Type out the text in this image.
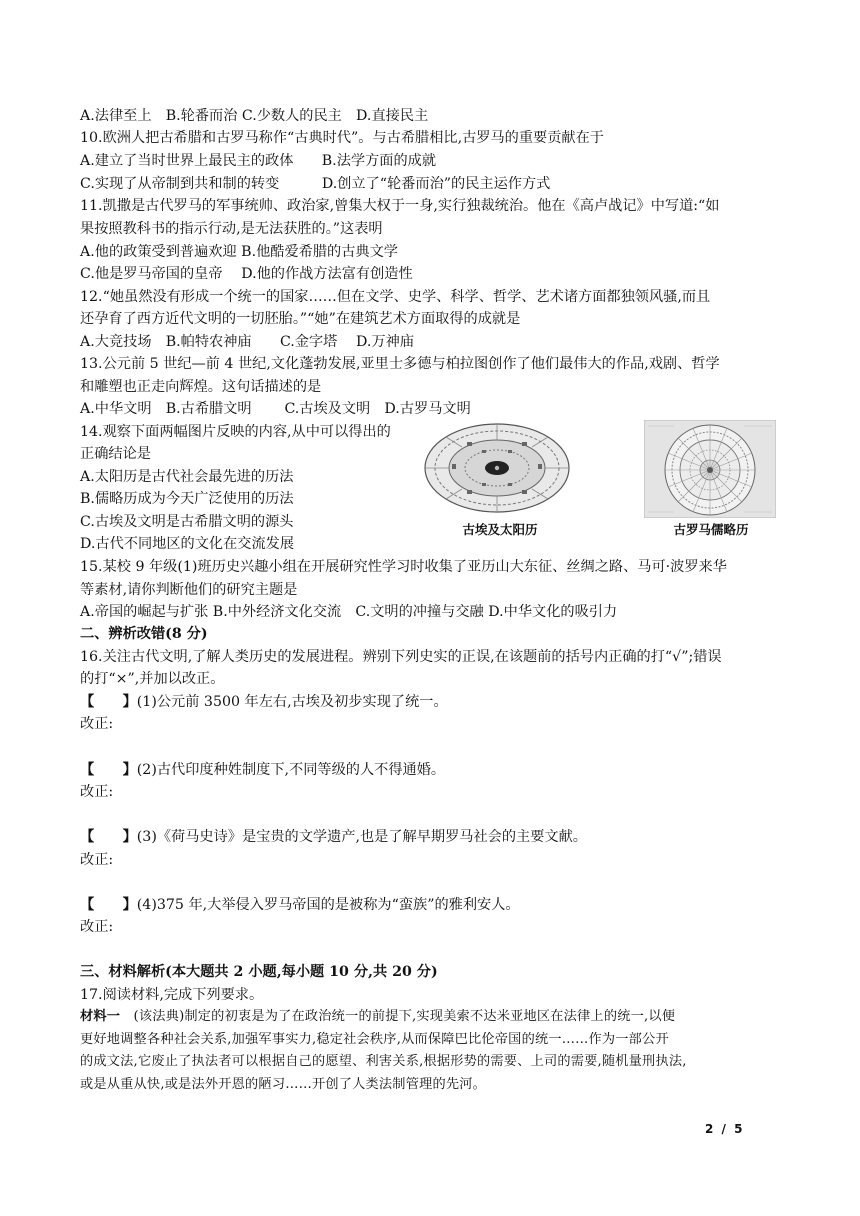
A.法律至上　B.轮番而治 C.少数人的民主　D.直接民主
10.欧洲人把古希腊和古罗马称作“古典时代”。与古希腊相比,古罗马的重要贡献在于
A.建立了当时世界上最民主的政体　　B.法学方面的成就
C.实现了从帝制到共和制的转变　　　D.创立了“轮番而治”的民主运作方式
11.凯撒是古代罗马的军事统帅、政治家,曾集大权于一身,实行独裁统治。他在《高卢战记》中写道:“如
果按照教科书的指示行动,是无法获胜的。”这表明
A.他的政策受到普遍欢迎 B.他酷爱希腊的古典文学
C.他是罗马帝国的皇帝　 D.他的作战方法富有创造性
12.“她虽然没有形成一个统一的国家……但在文学、史学、科学、哲学、艺术诸方面都独领风骚,而且
还孕育了西方近代文明的一切胚胎。”“她”在建筑艺术方面取得的成就是
A.大竞技场　B.帕特农神庙　　C.金字塔　 D.万神庙
13.公元前 5 世纪—前 4 世纪,文化蓬勃发展,亚里士多德与柏拉图创作了他们最伟大的作品,戏剧、哲学
和雕塑也正走向辉煌。这句话描述的是
A.中华文明　B.古希腊文明　　 C.古埃及文明　D.古罗马文明
14.观察下面两幅图片反映的内容,从中可以得出的
正确结论是
A.太阳历是古代社会最先进的历法
B.儒略历成为今天广泛使用的历法
C.古埃及文明是古希腊文明的源头
D.古代不同地区的文化在交流发展
古埃及太阳历	古罗马儒略历
15.某校 9 年级(1)班历史兴趣小组在开展研究性学习时收集了亚历山大东征、丝绸之路、马可·波罗来华
等素材,请你判断他们的研究主题是
A.帝国的崛起与扩张 B.中外经济文化交流　C.文明的冲撞与交融 D.中华文化的吸引力
二、辨析改错(8 分)
16.关注古代文明,了解人类历史的发展进程。辨别下列史实的正误,在该题前的括号内正确的打“√”;错误
的打“×”,并加以改正。
【　　】(1)公元前 3500 年左右,古埃及初步实现了统一。
改正:
【　　】(2)古代印度种姓制度下,不同等级的人不得通婚。
改正:
【　　】(3)《荷马史诗》是宝贵的文学遗产,也是了解早期罗马社会的主要文献。
改正:
【　　】(4)375 年,大举侵入罗马帝国的是被称为“蛮族”的雅利安人。
改正:
三、材料解析(本大题共 2 小题,每小题 10 分,共 20 分)
17.阅读材料,完成下列要求。
材料一　(该法典)制定的初衷是为了在政治统一的前提下,实现美索不达米亚地区在法律上的统一,以便
更好地调整各种社会关系,加强军事实力,稳定社会秩序,从而保障巴比伦帝国的统一……作为一部公开
的成文法,它废止了执法者可以根据自己的愿望、利害关系,根据形势的需要、上司的需要,随机量刑执法,
或是从重从快,或是法外开恩的陋习……开创了人类法制管理的先河。
2 / 5
